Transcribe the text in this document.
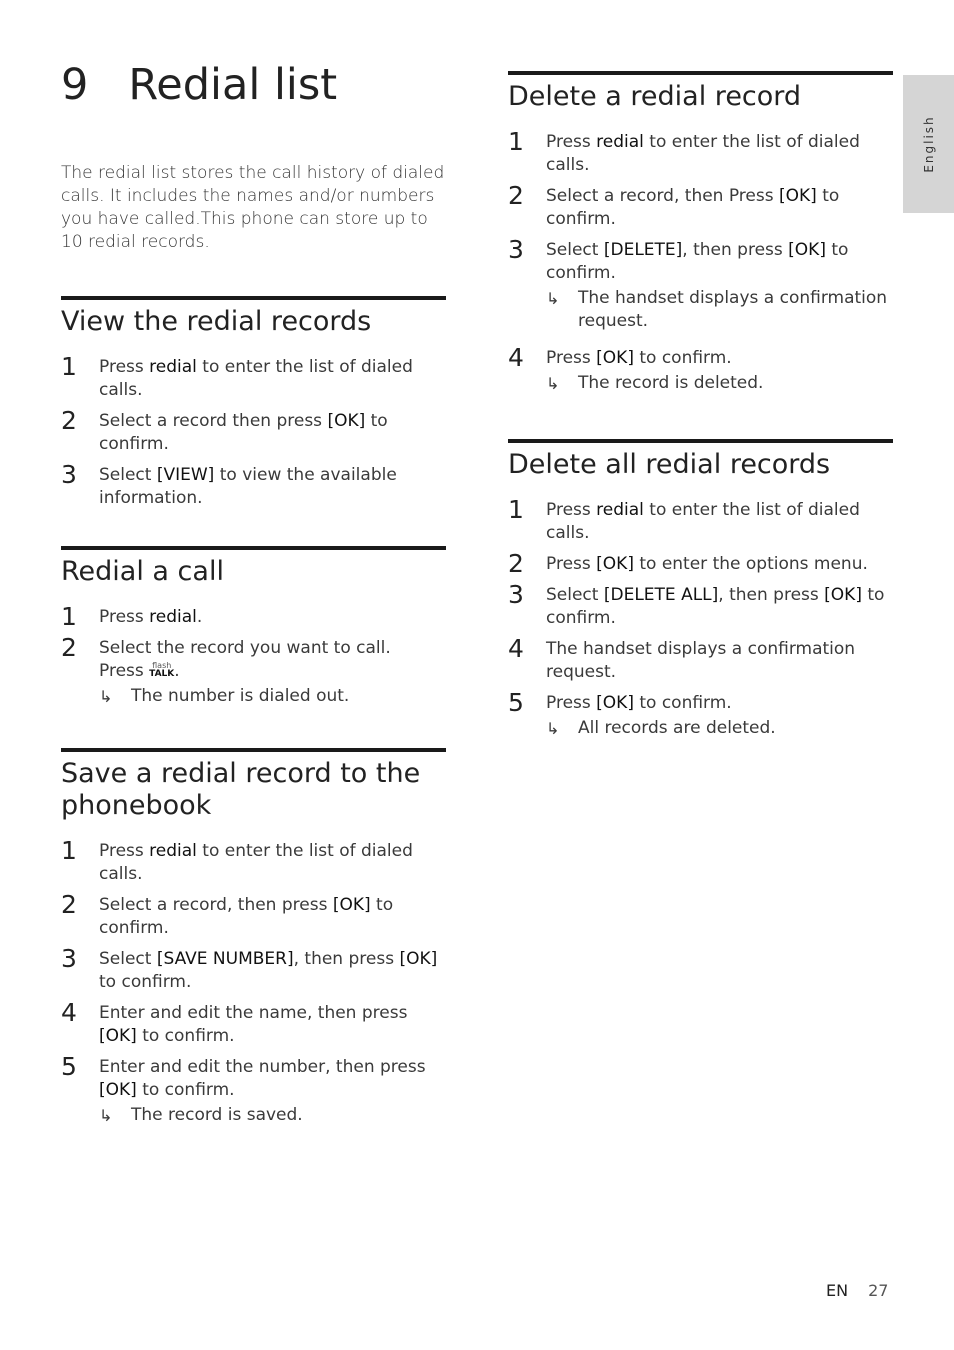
English
9 Redial list

The redial list stores the call history of dialed calls. It includes the names and/or numbers you have called.This phone can store up to 10 redial records.

View the redial records
1	Press redial to enter the list of dialed calls.
2	Select a record then press [OK] to confirm.
3	Select [VIEW] to view the available information.
Redial a call
1	Press redial.
2	Select the record you want to call.
Press flash
TALK .
↳	The number is dialed out.
Save a redial record to the phonebook
1	Press redial to enter the list of dialed calls.
2	Select a record, then press [OK] to confirm.
3	Select [SAVE NUMBER], then press [OK] to confirm.
4	Enter and edit the name, then press [OK] to confirm.
5	Enter and edit the number, then press [OK] to confirm.
↳	The record is saved.
Delete a redial record
1	Press redial to enter the list of dialed calls.
2	Select a record, then Press [OK] to confirm.
3	Select [DELETE], then press [OK] to confirm.
↳	The handset displays a confirmation request.
4	Press [OK] to confirm.
↳	The record is deleted.
Delete all redial records
1	Press redial to enter the list of dialed calls.
2	Press [OK] to enter the options menu.
3	Select [DELETE ALL], then press [OK] to confirm.
4	The handset displays a confirmation request.
5	Press [OK] to confirm.
↳	All records are deleted.
EN 27
